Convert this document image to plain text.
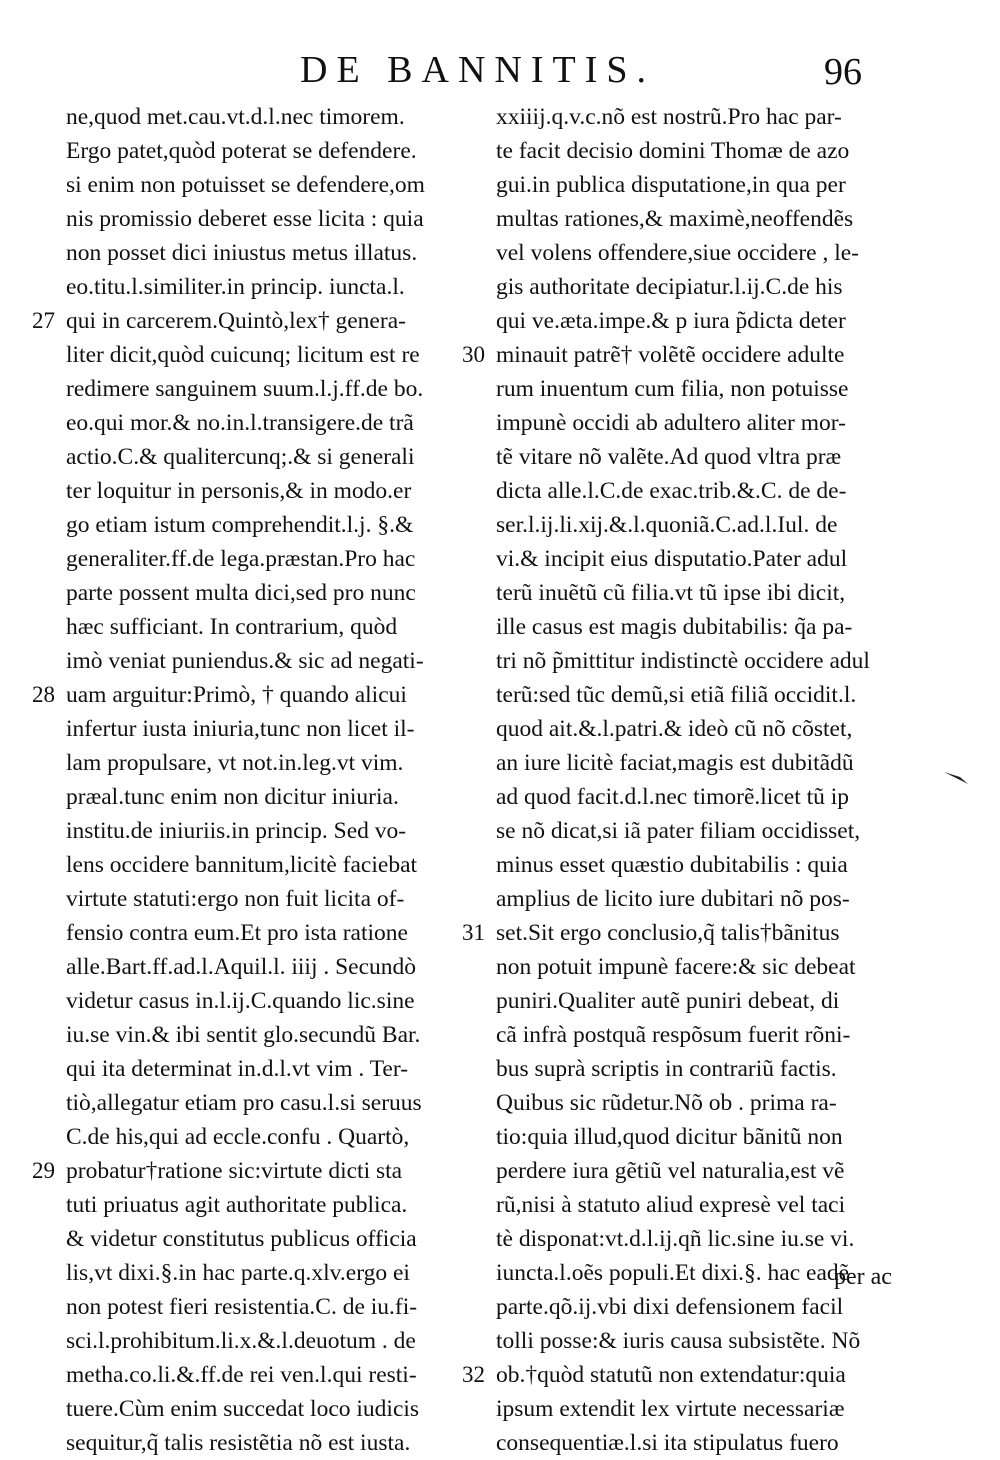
DE BANNITIS.	96
ne,quod met.cau.vt.d.l.nec timorem.
Ergo patet,quòd poterat se defendere.
si enim non potuisset se defendere,om
nis promissio deberet esse licita : quia
non posset dici iniustus metus illatus.
eo.titu.l.similiter.in princip. iuncta.l.
27 qui in carcerem.Quintò,lex† genera-
liter dicit,quòd cuicunq; licitum est re
redimere sanguinem suum.l.j.ff.de bo.
eo.qui mor.& no.in.l.transigere.de trã
actio.C.& qualitercunq;.& si generali
ter loquitur in personis,& in modo.er
go etiam istum comprehendit.l.j. §.&
generaliter.ff.de lega.præstan.Pro hac
parte possent multa dici,sed pro nunc
hæc sufficiant. In contrarium, quòd
imò veniat puniendus.& sic ad negati-
28 uam arguitur:Primò, † quando alicui
infertur iusta iniuria,tunc non licet il-
lam propulsare, vt not.in.leg.vt vim.
præal.tunc enim non dicitur iniuria.
institu.de iniuriis.in princip. Sed vo-
lens occidere bannitum,licitè faciebat
virtute statuti:ergo non fuit licita of-
fensio contra eum.Et pro ista ratione
alle.Bart.ff.ad.l.Aquil.l. iiij . Secundò
videtur casus in.l.ij.C.quando lic.sine
iu.se vin.& ibi sentit glo.secundũ Bar.
qui ita determinat in.d.l.vt vim . Ter-
tiò,allegatur etiam pro casu.l.si seruus
C.de his,qui ad eccle.confu . Quartò,
29 probatur†ratione sic:virtute dicti sta
tuti priuatus agit authoritate publica.
& videtur constitutus publicus officia
lis,vt dixi.§.in hac parte.q.xlv.ergo ei
non potest fieri resistentia.C. de iu.fi-
sci.l.prohibitum.li.x.&.l.deuotum . de
metha.co.li.&.ff.de rei ven.l.qui resti-
tuere.Cùm enim succedat loco iudicis
sequitur,q̃ talis resistẽtia nõ est iusta.
xxiiij.q.v.c.nõ est nostrũ.Pro hac par-
te facit decisio domini Thomæ de azo
gui.in publica disputatione,in qua per
multas rationes,& maximè,neoffendẽs
vel volens offendere,siue occidere , le-
gis authoritate decipiatur.l.ij.C.de his
qui ve.æta.impe.& p iura p̃dicta deter
30 minauit patrẽ† volẽtẽ occidere adulte
rum inuentum cum filia, non potuisse
impunè occidi ab adultero aliter mor-
tẽ vitare nõ valẽte.Ad quod vltra præ
dicta alle.l.C.de exac.trib.&.C. de de-
ser.l.ij.li.xij.&.l.quoniã.C.ad.l.Iul. de
vi.& incipit eius disputatio.Pater adul
terũ inuẽtũ cũ filia.vt tũ ipse ibi dicit,
ille casus est magis dubitabilis: q̃a pa-
tri nõ p̃mittitur indistinctè occidere adul
terũ:sed tũc demũ,si etiã filiã occidit.l.
quod ait.&.l.patri.& ideò cũ nõ cõstet,
an iure licitè faciat,magis est dubitãdũ
ad quod facit.d.l.nec timorẽ.licet tũ ip
se nõ dicat,si iã pater filiam occidisset,
minus esset quæstio dubitabilis : quia
amplius de licito iure dubitari nõ pos-
31 set.Sit ergo conclusio,q̃ talis†bãnitus
non potuit impunè facere:& sic debeat
puniri.Qualiter autẽ puniri debeat, di
cã infrà postquã respõsum fuerit rõni-
bus suprà scriptis in contrariũ factis.
Quibus sic rũdetur.Nõ ob . prima ra-
tio:quia illud,quod dicitur bãnitũ non
perdere iura gẽtiũ vel naturalia,est vẽ
rũ,nisi à statuto aliud expresè vel taci
tè disponat:vt.d.l.ij.qñ lic.sine iu.se vi.
iuncta.l.oẽs populi.Et dixi.§. hac eadẽ
parte.qõ.ij.vbi dixi defensionem facil
tolli posse:& iuris causa subsistẽte. Nõ
32 ob.†quòd statutũ non extendatur:quia
ipsum extendit lex virtute necessariæ
consequentiæ.l.si ita stipulatus fuero
per ac
